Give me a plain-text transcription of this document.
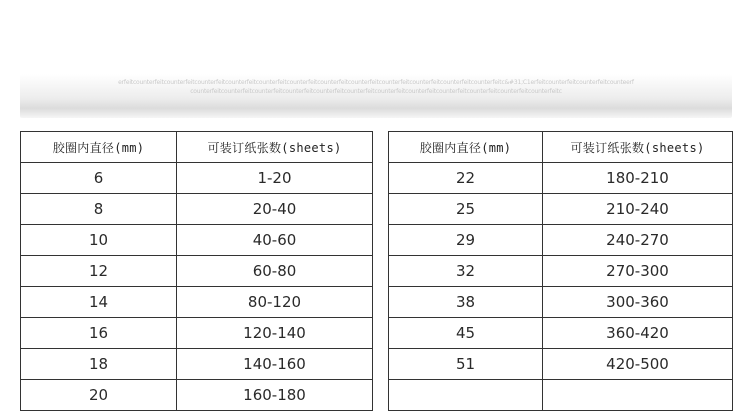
erfeitcounterfeitcounterfeitcounterfeitcounterfeitcounterfeitcounterfeitcounterfeitcounterfeitcounterfeitcounterfeitcounterfeitcounterfeitc&#31;C1erfeitcounterfeitcounterfeitcounteerf
counterfeitcounterfeitcounterfeitcounterfeitcounterfeitcounterfeitcounterfeitcounterfeitcounterfeitcounterfeitcounterfeitcounterfeitc
胶圈内直径(mm)	可装订纸张数(sheets)		胶圈内直径(mm)	可装订纸张数(sheets)
6	1-20		22	180-210
8	20-40		25	210-240
10	40-60		29	240-270
12	60-80		32	270-300
14	80-120		38	300-360
16	120-140		45	360-420
18	140-160		51	420-500
20	160-180			
